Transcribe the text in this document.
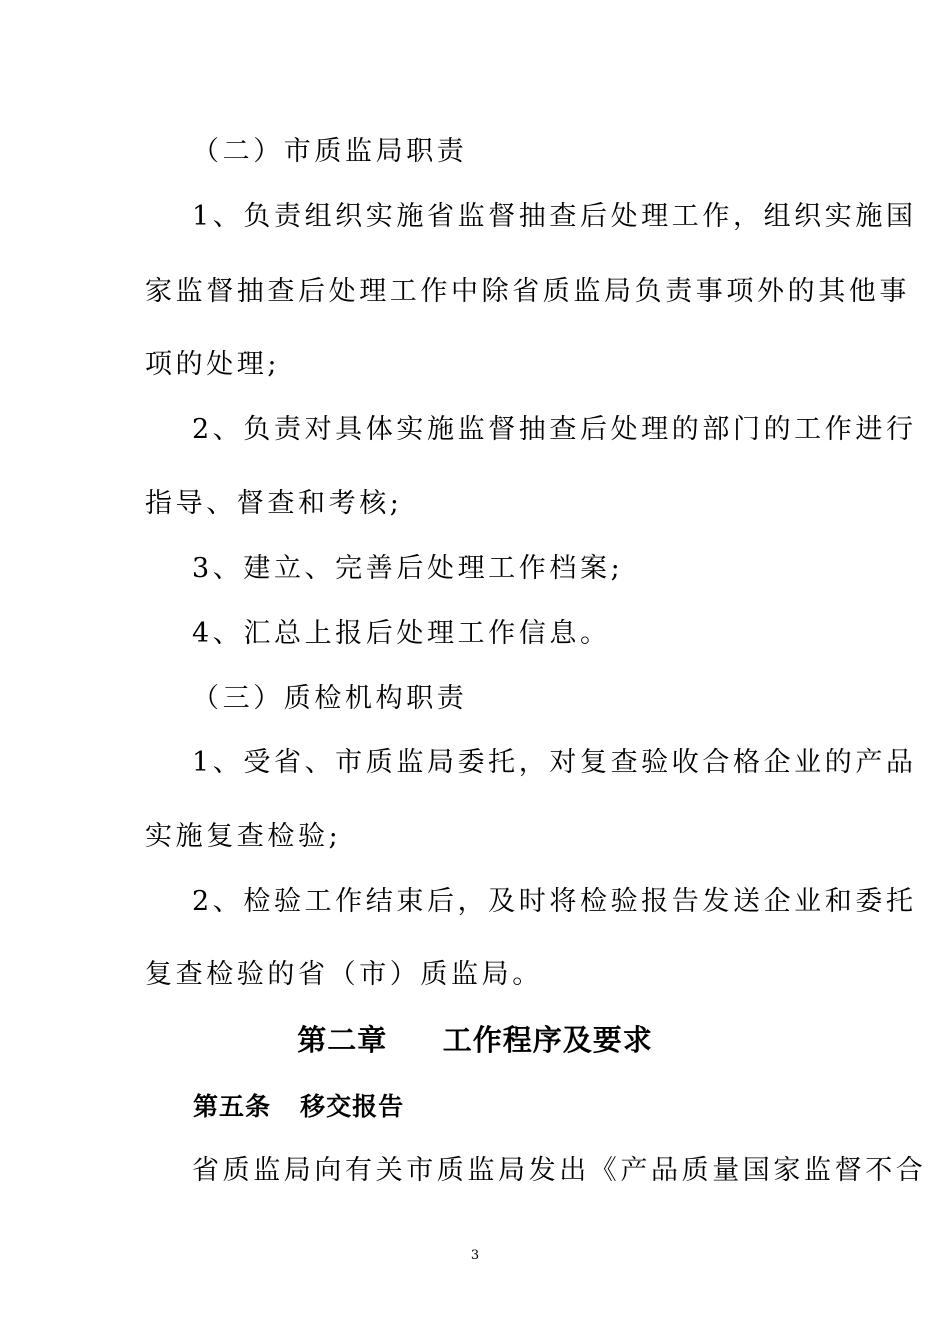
（二）市质监局职责
1、负责组织实施省监督抽查后处理工作，组织实施国
家监督抽查后处理工作中除省质监局负责事项外的其他事
项的处理;
2、负责对具体实施监督抽查后处理的部门的工作进行
指导、督查和考核;
3、建立、完善后处理工作档案;
4、汇总上报后处理工作信息。
（三）质检机构职责
1、受省、市质监局委托，对复查验收合格企业的产品
实施复查检验;
2、检验工作结束后，及时将检验报告发送企业和委托
复查检验的省（市）质监局。
第二章     工作程序及要求
第五条   移交报告
省质监局向有关市质监局发出《产品质量国家监督不合
3
